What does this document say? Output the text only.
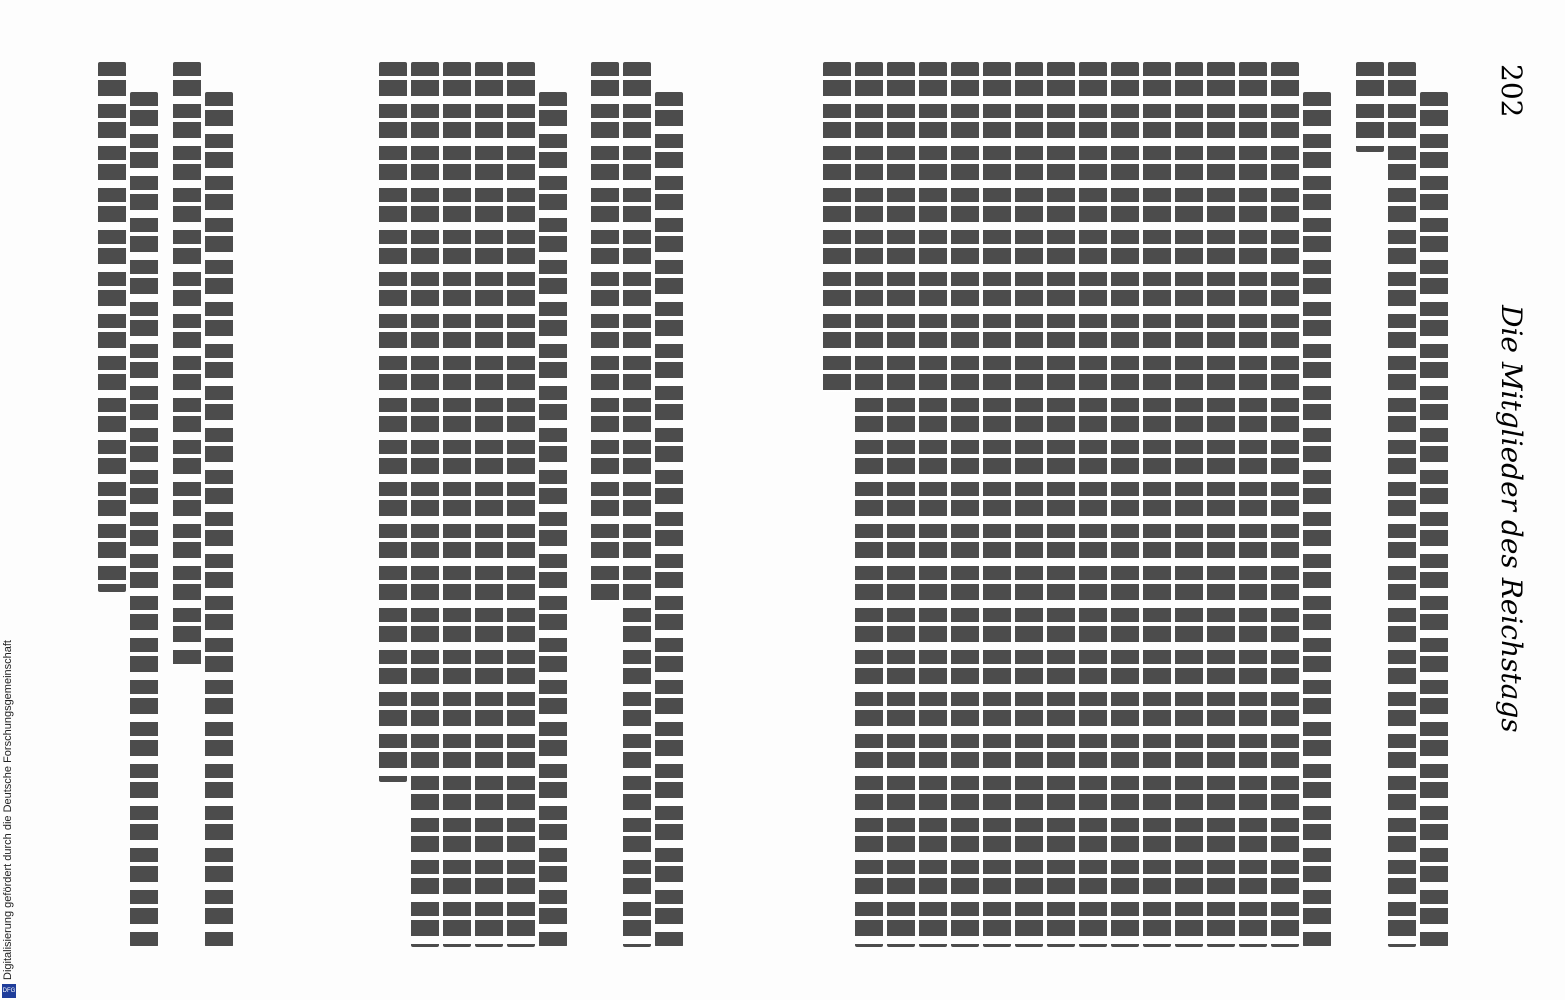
202
Die Mitglieder des Reichstags
Digitalisierung gefördert durch die Deutsche Forschungsgemeinschaft
DFG
